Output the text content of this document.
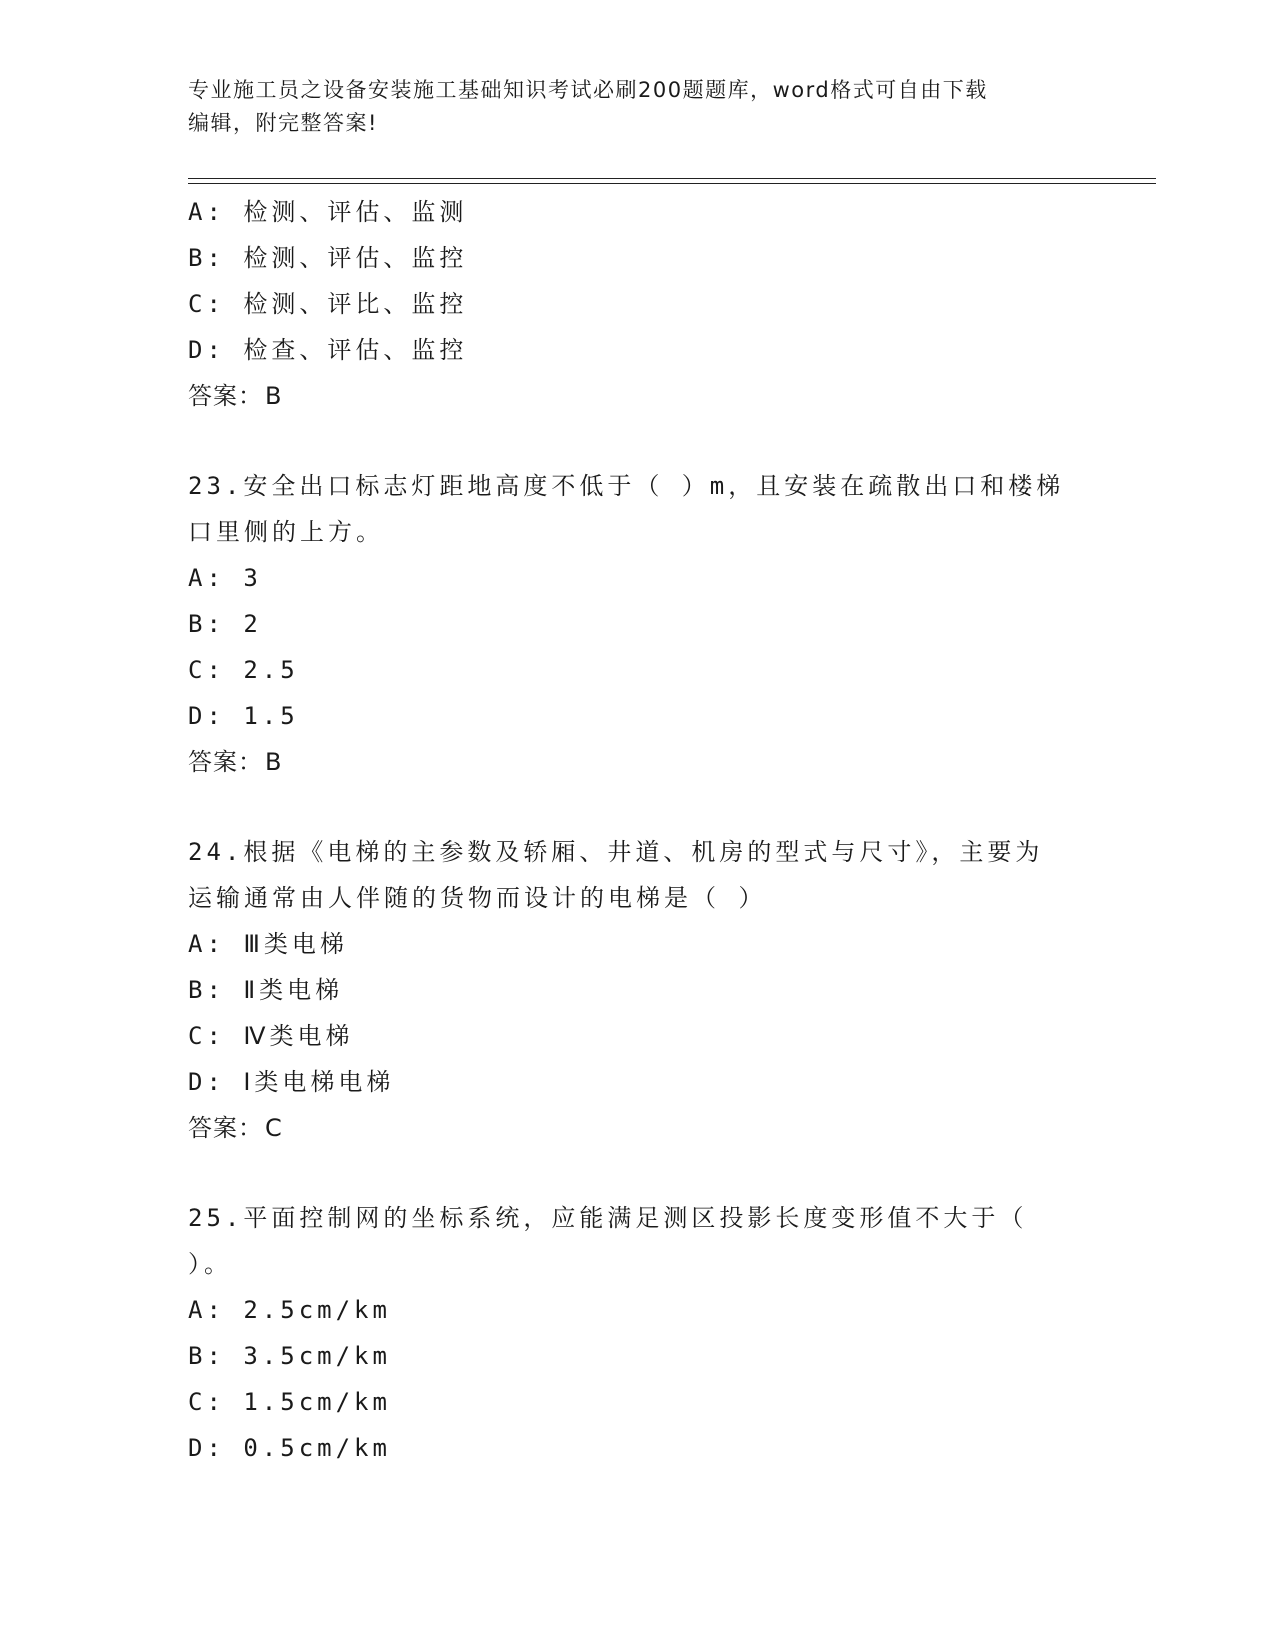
专业施工员之设备安装施工基础知识考试必刷200题题库，word格式可自由下载
编辑，附完整答案!
A: 检测、评估、监测
B: 检测、评估、监控
C: 检测、评比、监控
D: 检查、评估、监控
答案：B
23.安全出口标志灯距地高度不低于（ ）m，且安装在疏散出口和楼梯
口里侧的上方。
A: 3
B: 2
C: 2.5
D: 1.5
答案：B
24.根据《电梯的主参数及轿厢、井道、机房的型式与尺寸》，主要为
运输通常由人伴随的货物而设计的电梯是（ ）
A: Ⅲ类电梯
B: Ⅱ类电梯
C: Ⅳ类电梯
D: Ⅰ类电梯电梯
答案：C
25.平面控制网的坐标系统，应能满足测区投影长度变形值不大于（
）。
A: 2.5cm/km
B: 3.5cm/km
C: 1.5cm/km
D: 0.5cm/km
